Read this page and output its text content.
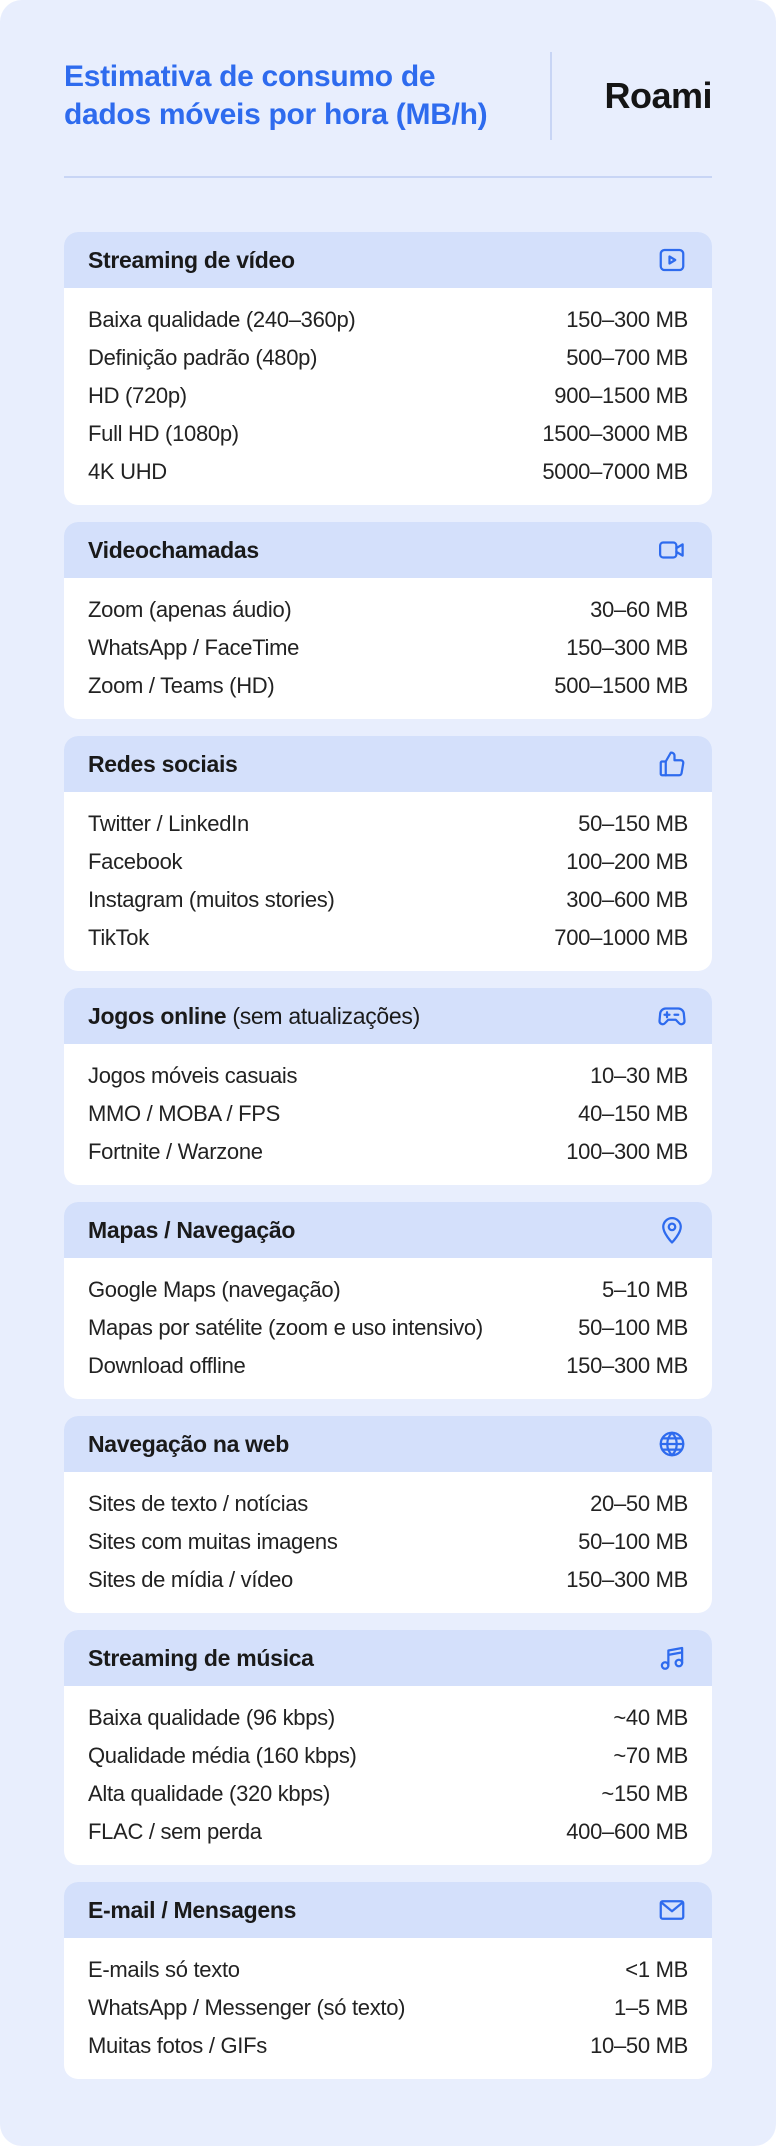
Estimativa de consumo de
dados móveis por hora (MB/h)	Roami
Streaming de vídeo
Baixa qualidade (240–360p)	150–300 MB
Definição padrão (480p)	500–700 MB
HD (720p)	900–1500 MB
Full HD (1080p)	1500–3000 MB
4K UHD	5000–7000 MB
Videochamadas
Zoom (apenas áudio)	30–60 MB
WhatsApp / FaceTime	150–300 MB
Zoom / Teams (HD)	500–1500 MB
Redes sociais
Twitter / LinkedIn	50–150 MB
Facebook	100–200 MB
Instagram (muitos stories)	300–600 MB
TikTok	700–1000 MB
Jogos online (sem atualizações)
Jogos móveis casuais	10–30 MB
MMO / MOBA / FPS	40–150 MB
Fortnite / Warzone	100–300 MB
Mapas / Navegação
Google Maps (navegação)	5–10 MB
Mapas por satélite (zoom e uso intensivo)	50–100 MB
Download offline	150–300 MB
Navegação na web
Sites de texto / notícias	20–50 MB
Sites com muitas imagens	50–100 MB
Sites de mídia / vídeo	150–300 MB
Streaming de música
Baixa qualidade (96 kbps)	~40 MB
Qualidade média (160 kbps)	~70 MB
Alta qualidade (320 kbps)	~150 MB
FLAC / sem perda	400–600 MB
E-mail / Mensagens
E-mails só texto	<1 MB
WhatsApp / Messenger (só texto)	1–5 MB
Muitas fotos / GIFs	10–50 MB
